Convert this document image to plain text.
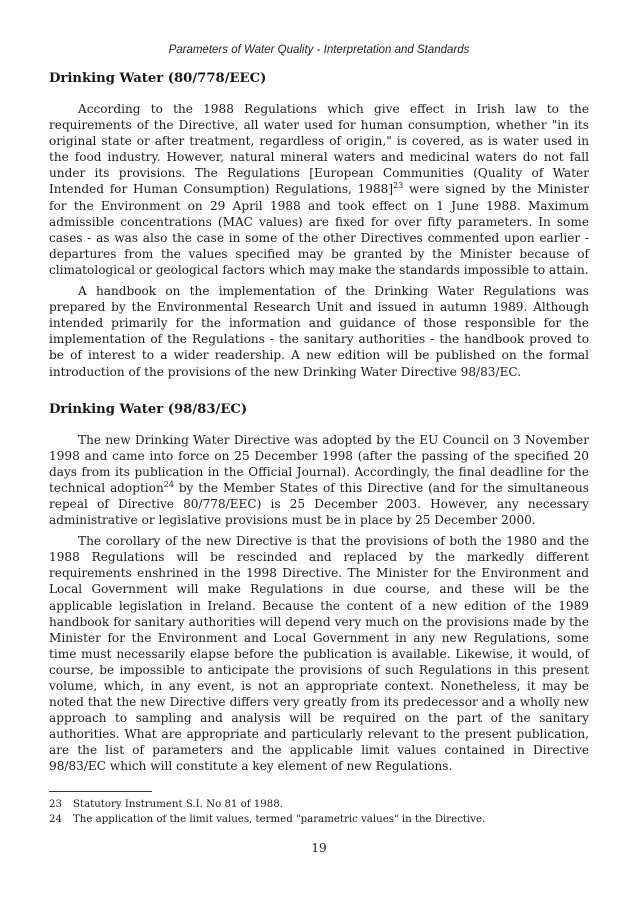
Parameters of Water Quality - Interpretation and Standards
Drinking Water (80/778/EEC)

According to the 1988 Regulations which give effect in Irish law to the requirements of the Directive, all water used for human consumption, whether "in its original state or after treatment, regardless of origin," is covered, as is water used in the food industry. However, natural mineral waters and medicinal waters do not fall under its provisions. The Regulations [European Communities (Quality of Water Intended for Human Consumption) Regulations, 1988]$^{23}$ were signed by the Minister for the Environment on 29 April 1988 and took effect on 1 June 1988. Maximum admissible concentrations (MAC values) are fixed for over fifty parameters. In some cases - as was also the case in some of the other Directives commented upon earlier - departures from the values specified may be granted by the Minister because of climatological or geological factors which may make the standards impossible to attain.

A handbook on the implementation of the Drinking Water Regulations was prepared by the Environmental Research Unit and issued in autumn 1989. Although intended primarily for the information and guidance of those responsible for the implementation of the Regulations - the sanitary authorities - the handbook proved to be of interest to a wider readership. A new edition will be published on the formal introduction of the provisions of the new Drinking Water Directive 98/83/EC.

Drinking Water (98/83/EC)

The new Drinking Water Directive was adopted by the EU Council on 3 November 1998 and came into force on 25 December 1998 (after the passing of the specified 20 days from its publication in the Official Journal). Accordingly, the final deadline for the technical adoption$^{24}$ by the Member States of this Directive (and for the simultaneous repeal of Directive 80/778/EEC) is 25 December 2003. However, any necessary administrative or legislative provisions must be in place by 25 December 2000.

The corollary of the new Directive is that the provisions of both the 1980 and the 1988 Regulations will be rescinded and replaced by the markedly different requirements enshrined in the 1998 Directive. The Minister for the Environment and Local Government will make Regulations in due course, and these will be the applicable legislation in Ireland. Because the content of a new edition of the 1989 handbook for sanitary authorities will depend very much on the provisions made by the Minister for the Environment and Local Government in any new Regulations, some time must necessarily elapse before the publication is available. Likewise, it would, of course, be impossible to anticipate the provisions of such Regulations in this present volume, which, in any event, is not an appropriate context. Nonetheless, it may be noted that the new Directive differs very greatly from its predecessor and a wholly new approach to sampling and analysis will be required on the part of the sanitary authorities. What are appropriate and particularly relevant to the present publication, are the list of parameters and the applicable limit values contained in Directive 98/83/EC which will constitute a key element of new Regulations.

23 Statutory Instrument S.I. No 81 of 1988.
24 The application of the limit values, termed "parametric values" in the Directive.
19
